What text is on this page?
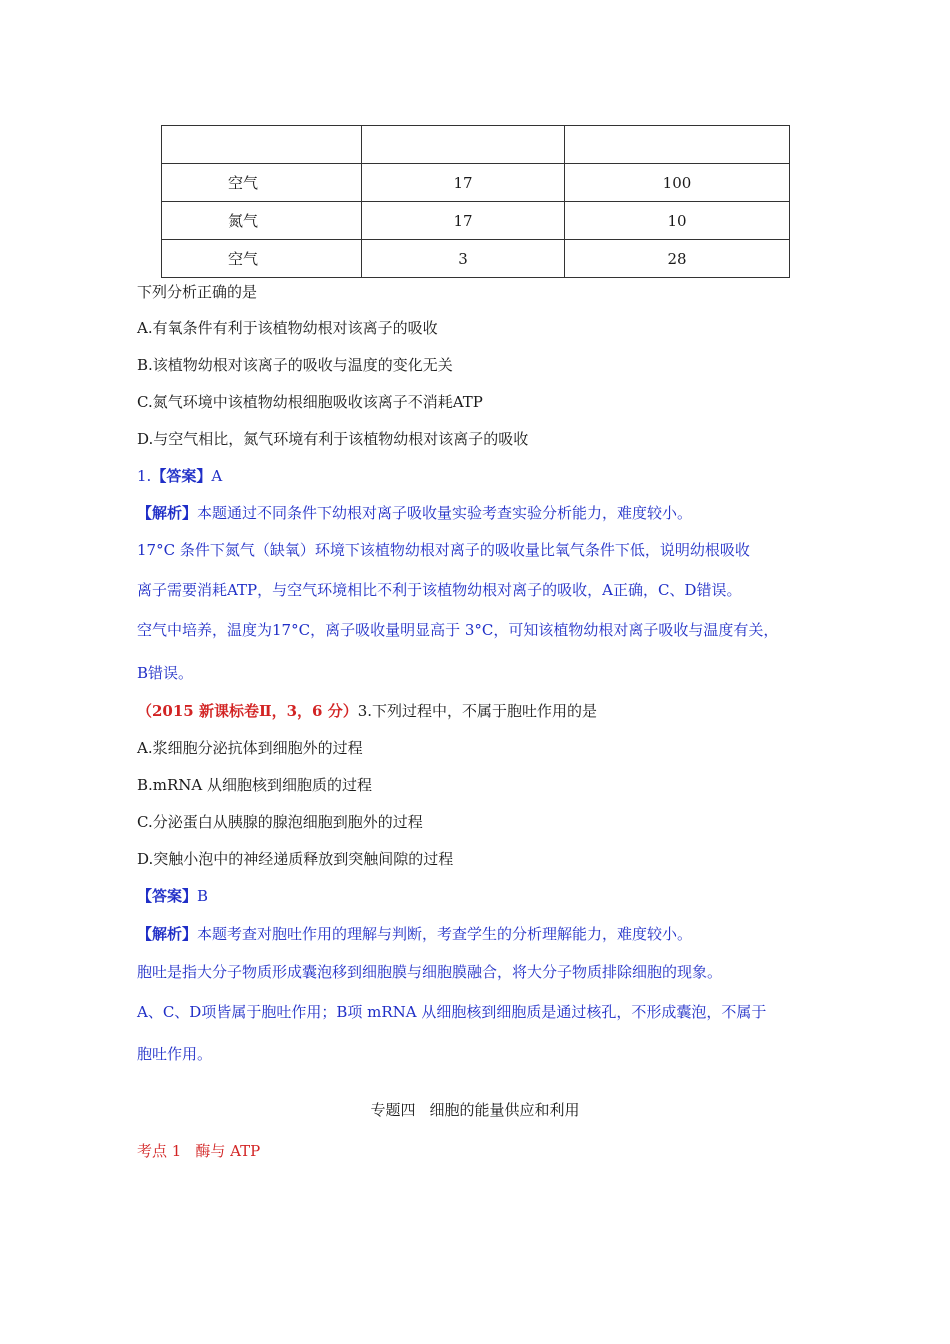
空气	17	100
氮气	17	10
空气	3	28
下列分析正确的是
A.有氧条件有利于该植物幼根对该离子的吸收
B.该植物幼根对该离子的吸收与温度的变化无关
C.氮气环境中该植物幼根细胞吸收该离子不消耗ATP
D.与空气相比，氮气环境有利于该植物幼根对该离子的吸收
1.【答案】A
【解析】本题通过不同条件下幼根对离子吸收量实验考查实验分析能力，难度较小。
17°C 条件下氮气（缺氧）环境下该植物幼根对离子的吸收量比氧气条件下低，说明幼根吸收
离子需要消耗ATP，与空气环境相比不利于该植物幼根对离子的吸收，A正确，C、D错误。
空气中培养，温度为17°C，离子吸收量明显高于 3°C，可知该植物幼根对离子吸收与温度有关，
B错误。
（2015 新课标卷Ⅱ，3，6 分）3.下列过程中，不属于胞吐作用的是
A.浆细胞分泌抗体到细胞外的过程
B.mRNA 从细胞核到细胞质的过程
C.分泌蛋白从胰腺的腺泡细胞到胞外的过程
D.突触小泡中的神经递质释放到突触间隙的过程
【答案】B
【解析】本题考查对胞吐作用的理解与判断，考查学生的分析理解能力，难度较小。
胞吐是指大分子物质形成囊泡移到细胞膜与细胞膜融合，将大分子物质排除细胞的现象。
A、C、D项皆属于胞吐作用；B项 mRNA 从细胞核到细胞质是通过核孔，不形成囊泡，不属于
胞吐作用。
专题四 细胞的能量供应和利用
考点 1 酶与 ATP
